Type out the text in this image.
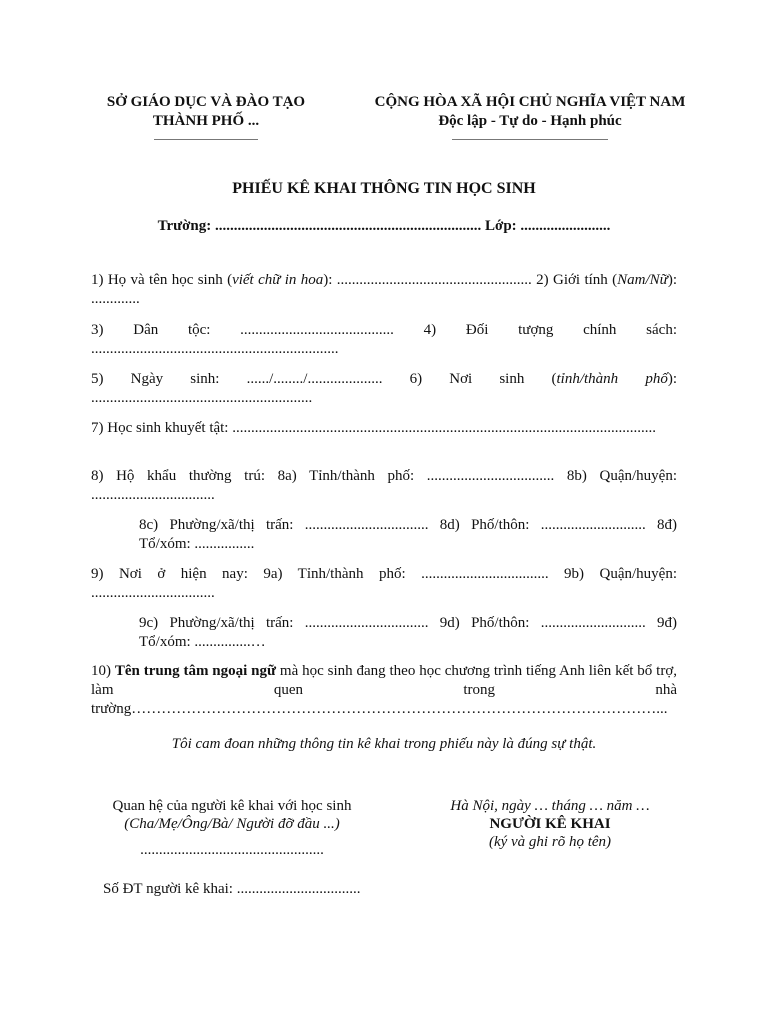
SỞ GIÁO DỤC VÀ ĐÀO TẠO
THÀNH PHỐ ...
CỘNG HÒA XÃ HỘI CHỦ NGHĨA VIỆT NAM
Độc lập - Tự do - Hạnh phúc
PHIẾU KÊ KHAI THÔNG TIN HỌC SINH
Trường: ....................................................................... Lớp: ........................
1) Họ và tên học sinh (viết chữ in hoa): .................................................... 2) Giới tính (Nam/Nữ): .............
3) Dân tộc: ......................................... 4) Đối tượng chính sách: ..................................................................
5) Ngày sinh: ....../......../.................... 6) Nơi sinh (tỉnh/thành phố): ...........................................................
7) Học sinh khuyết tật: .................................................................................................................
8) Hộ khẩu thường trú: 8a) Tỉnh/thành phố: .................................. 8b) Quận/huyện: .................................
8c) Phường/xã/thị trấn: ................................. 8d) Phố/thôn: ............................ 8đ) Tổ/xóm: ................
9) Nơi ở hiện nay: 9a) Tỉnh/thành phố: .................................. 9b) Quận/huyện: .................................
9c) Phường/xã/thị trấn: ................................. 9d) Phố/thôn: ............................ 9đ) Tổ/xóm: ...............…
10) Tên trung tâm ngoại ngữ mà học sinh đang theo học chương trình tiếng Anh liên kết bổ trợ, làm quen trong nhà trường……………………………………………………………………………………………...
Tôi cam đoan những thông tin kê khai trong phiếu này là đúng sự thật.
Quan hệ của người kê khai với học sinh
(Cha/Mẹ/Ông/Bà/ Người đỡ đầu ...)
.................................................
Hà Nội, ngày … tháng … năm …
NGƯỜI KÊ KHAI
(ký và ghi rõ họ tên)
Số ĐT người kê khai: .................................
